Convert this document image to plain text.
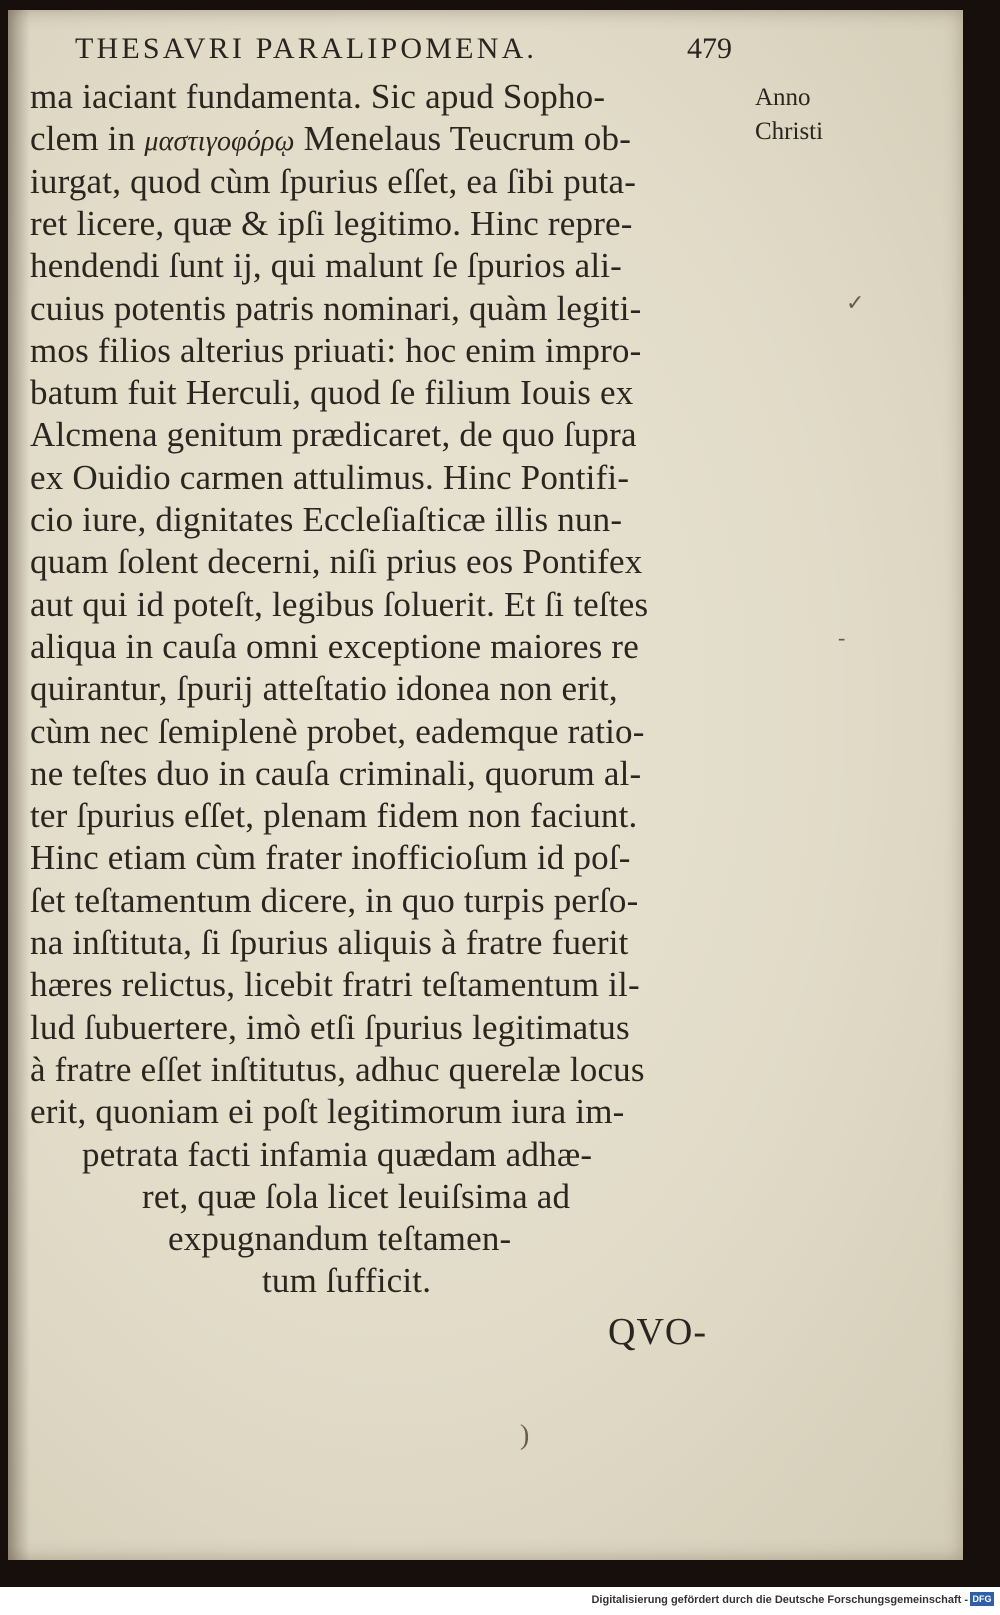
THESAVRI PARALIPOMENA.	479
Anno
Christi
ma iaciant fundamenta. Sic apud Sopho-
clem in μαστιγοφόρῳ Menelaus Teucrum ob-
iurgat, quod cùm ſpurius eſſet, ea ſibi puta-
ret licere, quæ & ipſi legitimo. Hinc repre-
hendendi ſunt ij, qui malunt ſe ſpurios ali-
cuius potentis patris nominari, quàm legiti-
mos filios alterius priuati: hoc enim impro-
batum fuit Herculi, quod ſe filium Iouis ex
Alcmena genitum prædicaret, de quo ſupra
ex Ouidio carmen attulimus. Hinc Pontifi-
cio iure, dignitates Eccleſiaſticæ illis nun-
quam ſolent decerni, niſi prius eos Pontifex
aut qui id poteſt, legibus ſoluerit. Et ſi teſtes
aliqua in cauſa omni exceptione maiores re
quirantur, ſpurij atteſtatio idonea non erit,
cùm nec ſemiplenè probet, eademque ratio-
ne teſtes duo in cauſa criminali, quorum al-
ter ſpurius eſſet, plenam fidem non faciunt.
Hinc etiam cùm frater inofficioſum id poſ-
ſet teſtamentum dicere, in quo turpis perſo-
na inſtituta, ſi ſpurius aliquis à fratre fuerit
hæres relictus, licebit fratri teſtamentum il-
lud ſubuertere, imò etſi ſpurius legitimatus
à fratre eſſet inſtitutus, adhuc querelæ locus
erit, quoniam ei poſt legitimorum iura im-
petrata facti infamia quædam adhæ-
ret, quæ ſola licet leuiſsima ad
expugnandum teſtamen-
tum ſufficit.
QVO-
✓
-
)
Digitalisierung gefördert durch die Deutsche Forschungsgemeinschaft - DFG
